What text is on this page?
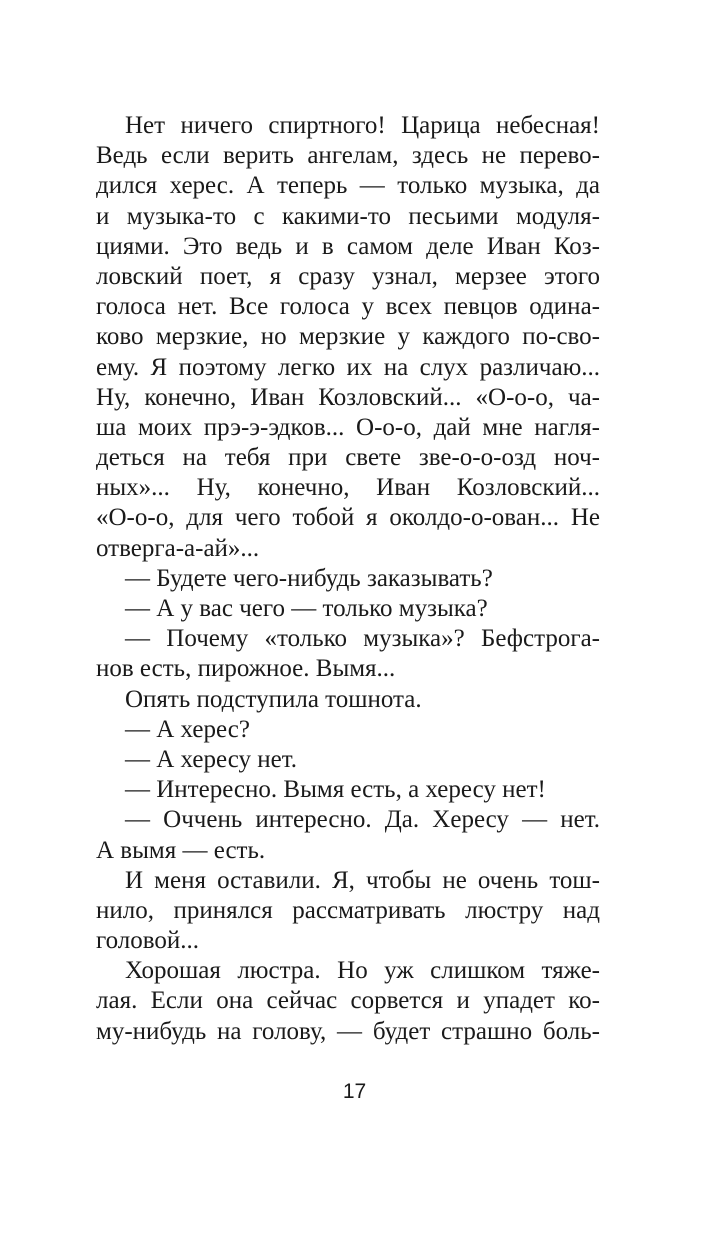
Нет ничего спиртного! Царица небесная!
Ведь если верить ангелам, здесь не перево-
дился херес. А теперь — только музыка, да
и музыка-то с какими-то песьими модуля-
циями. Это ведь и в самом деле Иван Коз-
ловский поет, я сразу узнал, мерзее этого
голоса нет. Все голоса у всех певцов одина-
ково мерзкие, но мерзкие у каждого по-сво-
ему. Я поэтому легко их на слух различаю...
Ну, конечно, Иван Козловский... «О-о-о, ча-
ша моих прэ-э-эдков... О-о-о, дай мне нагля-
деться на тебя при свете зве-о-о-озд ноч-
ных»... Ну, конечно, Иван Козловский...
«О-о-о, для чего тобой я околдо-о-ован... Не
отверга-а-ай»...
— Будете чего-нибудь заказывать?
— А у вас чего — только музыка?
— Почему «только музыка»? Бефстрога-
нов есть, пирожное. Вымя...
Опять подступила тошнота.
— А херес?
— А хересу нет.
— Интересно. Вымя есть, а хересу нет!
— Оччень интересно. Да. Хересу — нет.
А вымя — есть.
И меня оставили. Я, чтобы не очень тош-
нило, принялся рассматривать люстру над
головой...
Хорошая люстра. Но уж слишком тяже-
лая. Если она сейчас сорвется и упадет ко-
му-нибудь на голову, — будет страшно боль-
17
